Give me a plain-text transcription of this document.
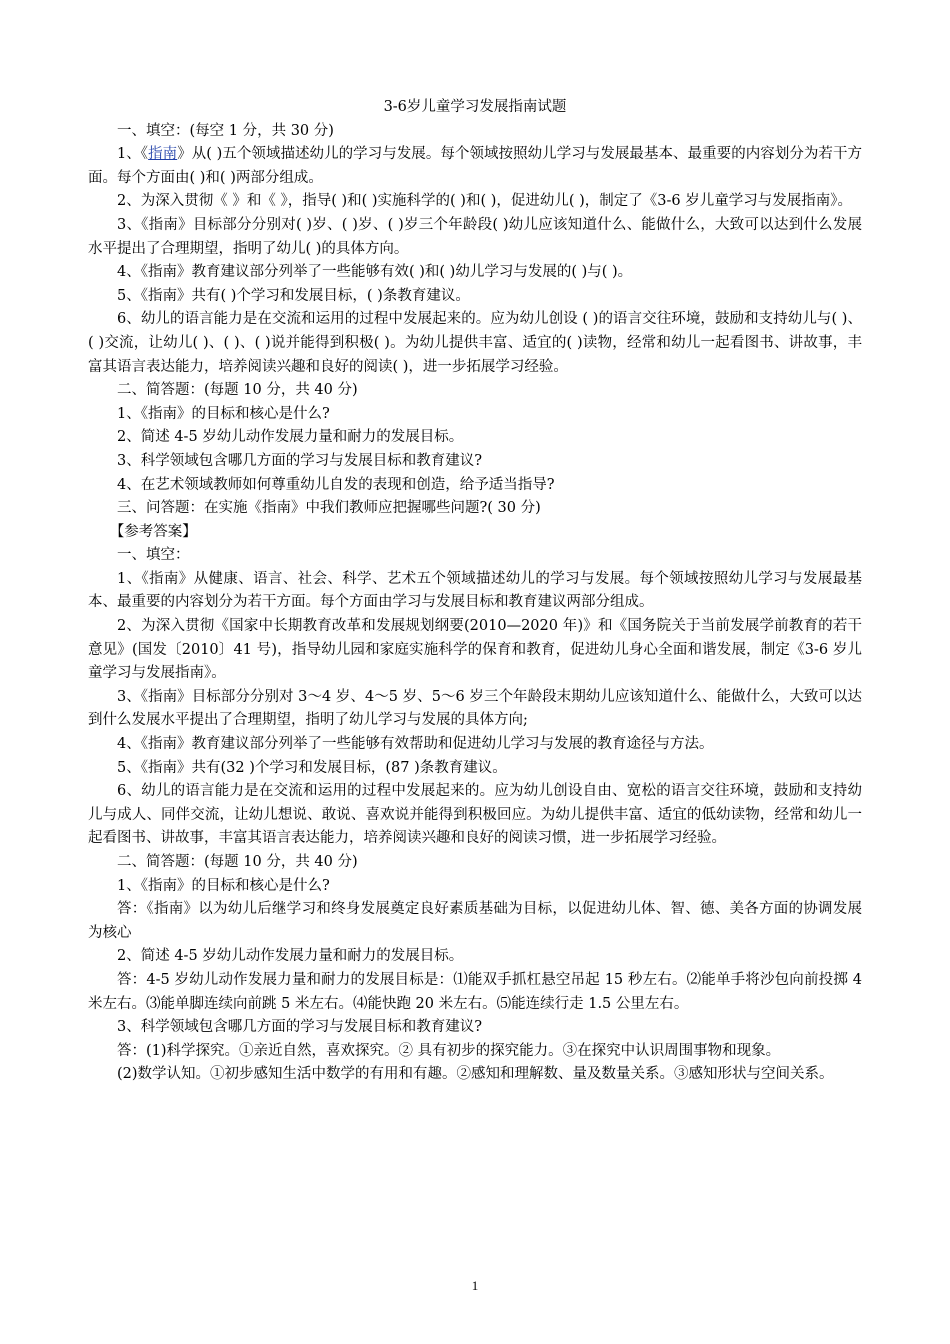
3-6岁儿童学习发展指南试题

一、填空：(每空 1 分，共 30 分)

1、《指南》从( )五个领域描述幼儿的学习与发展。每个领域按照幼儿学习与发展最基本、最重要的内容划分为若干方面。每个方面由( )和( )两部分组成。

2、为深入贯彻《 》和《 》，指导( )和( )实施科学的( )和( )，促进幼儿( )，制定了《3-6 岁儿童学习与发展指南》。

3、《指南》目标部分分别对( )岁、( )岁、( )岁三个年龄段( )幼儿应该知道什么、能做什么，大致可以达到什么发展水平提出了合理期望，指明了幼儿( )的具体方向。

4、《指南》教育建议部分列举了一些能够有效( )和( )幼儿学习与发展的( )与( )。

5、《指南》共有( )个学习和发展目标，( )条教育建议。

6、幼儿的语言能力是在交流和运用的过程中发展起来的。应为幼儿创设 ( )的语言交往环境，鼓励和支持幼儿与( )、( )交流，让幼儿( )、( )、( )说并能得到积极( )。为幼儿提供丰富、适宜的( )读物，经常和幼儿一起看图书、讲故事，丰富其语言表达能力，培养阅读兴趣和良好的阅读( )，进一步拓展学习经验。

二、简答题：(每题 10 分，共 40 分)

1、《指南》的目标和核心是什么?

2、简述 4-5 岁幼儿动作发展力量和耐力的发展目标。

3、科学领域包含哪几方面的学习与发展目标和教育建议?

4、在艺术领域教师如何尊重幼儿自发的表现和创造，给予适当指导?

三、问答题：在实施《指南》中我们教师应把握哪些问题?( 30 分)

【参考答案】

一、填空：

1、《指南》从健康、语言、社会、科学、艺术五个领域描述幼儿的学习与发展。每个领域按照幼儿学习与发展最基本、最重要的内容划分为若干方面。每个方面由学习与发展目标和教育建议两部分组成。

2、为深入贯彻《国家中长期教育改革和发展规划纲要(2010—2020 年)》和《国务院关于当前发展学前教育的若干意见》(国发〔2010〕41 号)，指导幼儿园和家庭实施科学的保育和教育，促进幼儿身心全面和谐发展，制定《3-6 岁儿童学习与发展指南》。

3、《指南》目标部分分别对 3～4 岁、4～5 岁、5～6 岁三个年龄段末期幼儿应该知道什么、能做什么，大致可以达到什么发展水平提出了合理期望，指明了幼儿学习与发展的具体方向;

4、《指南》教育建议部分列举了一些能够有效帮助和促进幼儿学习与发展的教育途径与方法。

5、《指南》共有(32 )个学习和发展目标，(87 )条教育建议。

6、幼儿的语言能力是在交流和运用的过程中发展起来的。应为幼儿创设自由、宽松的语言交往环境，鼓励和支持幼儿与成人、同伴交流，让幼儿想说、敢说、喜欢说并能得到积极回应。为幼儿提供丰富、适宜的低幼读物，经常和幼儿一起看图书、讲故事，丰富其语言表达能力，培养阅读兴趣和良好的阅读习惯，进一步拓展学习经验。

二、简答题：(每题 10 分，共 40 分)

1、《指南》的目标和核心是什么?

答：《指南》以为幼儿后继学习和终身发展奠定良好素质基础为目标，以促进幼儿体、智、德、美各方面的协调发展为核心

2、简述 4-5 岁幼儿动作发展力量和耐力的发展目标。

答：4-5 岁幼儿动作发展力量和耐力的发展目标是：⑴能双手抓杠悬空吊起 15 秒左右。⑵能单手将沙包向前投掷 4 米左右。⑶能单脚连续向前跳 5 米左右。⑷能快跑 20 米左右。⑸能连续行走 1.5 公里左右。

3、科学领域包含哪几方面的学习与发展目标和教育建议?

答：(1)科学探究。①亲近自然，喜欢探究。② 具有初步的探究能力。③在探究中认识周围事物和现象。

(2)数学认知。①初步感知生活中数学的有用和有趣。②感知和理解数、量及数量关系。③感知形状与空间关系。

1
